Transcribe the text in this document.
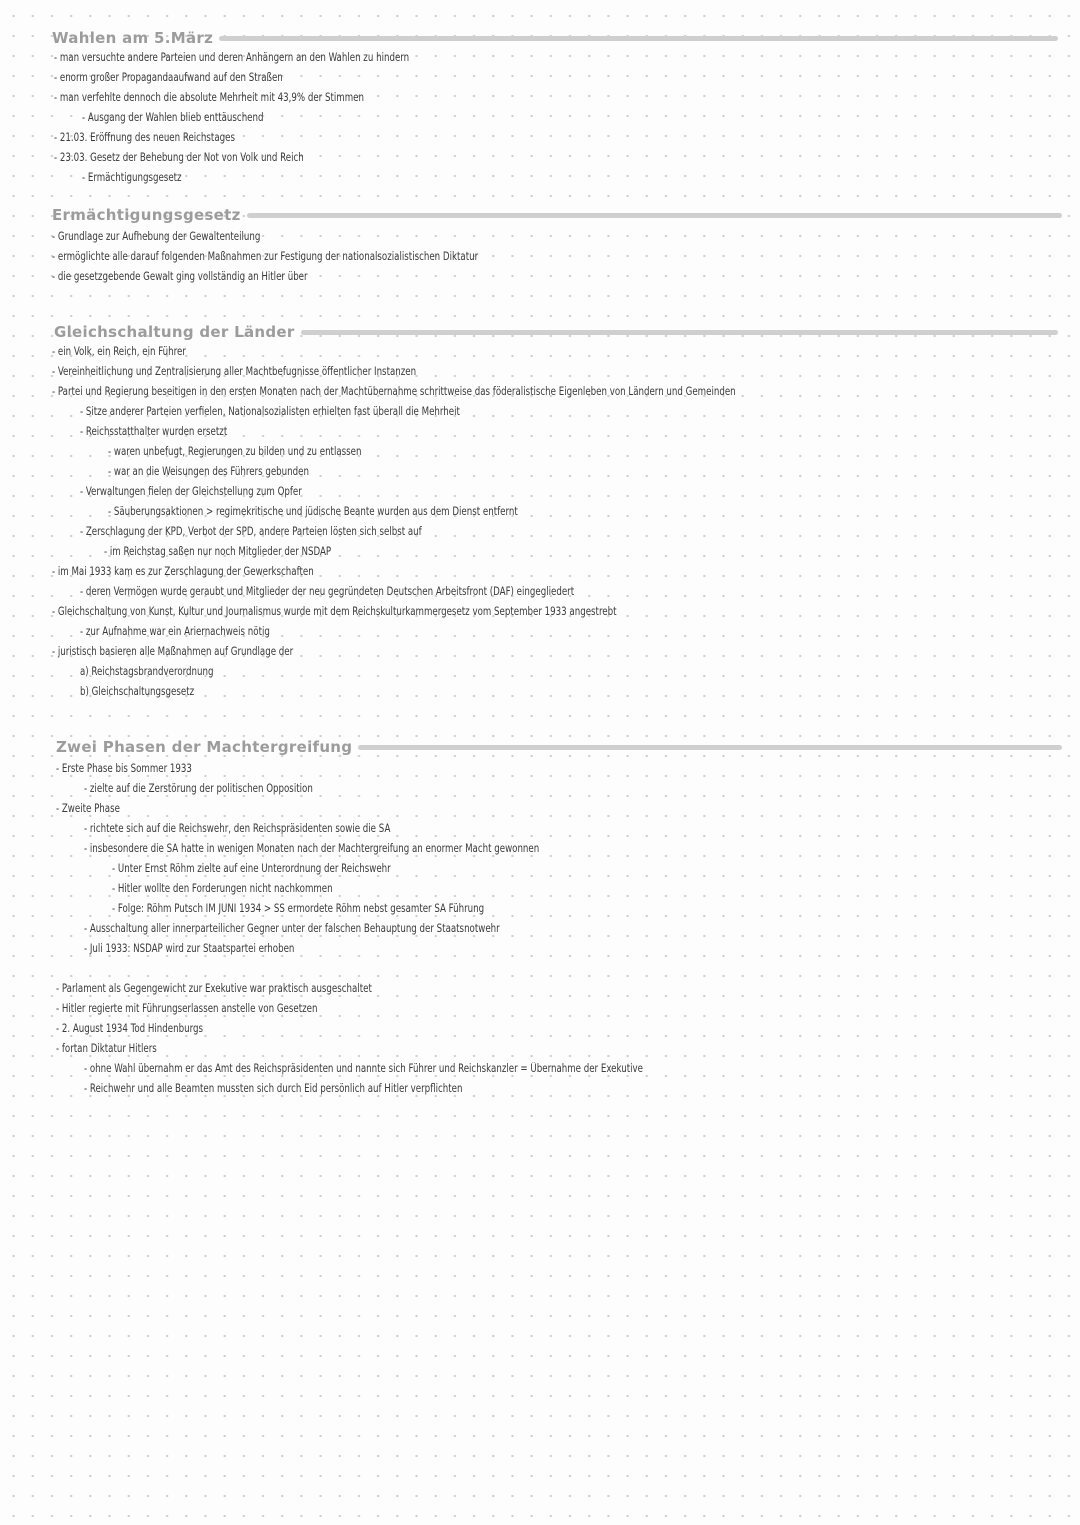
Wahlen am 5.März
- man versuchte andere Parteien und deren Anhängern an den Wahlen zu hindern
- enorm großer Propagandaaufwand auf den Straßen
- man verfehlte dennoch die absolute Mehrheit mit 43,9% der Stimmen
- Ausgang der Wahlen blieb enttäuschend
- 21.03. Eröffnung des neuen Reichstages
- 23.03. Gesetz der Behebung der Not von Volk und Reich
- Ermächtigungsgesetz
Ermächtigungsgesetz
- Grundlage zur Aufhebung der Gewaltenteilung
- ermöglichte alle darauf folgenden Maßnahmen zur Festigung der nationalsozialistischen Diktatur
- die gesetzgebende Gewalt ging vollständig an Hitler über
Gleichschaltung der Länder
- ein Volk, ein Reich, ein Führer
- Vereinheitlichung und Zentralisierung aller Machtbefugnisse öffentlicher Instanzen
- Partei und Regierung beseitigen in den ersten Monaten nach der Machtübernahme schrittweise das föderalistische Eigenleben von Ländern und Gemeinden
- Sitze anderer Parteien verfielen, Nationalsozialisten erhielten fast überall die Mehrheit
- Reichsstatthalter wurden ersetzt
- waren unbefugt, Regierungen zu bilden und zu entlassen
- war an die Weisungen des Führers gebunden
- Verwaltungen fielen der Gleichstellung zum Opfer
- Säuberungsaktionen > regimekritische und jüdische Beante wurden aus dem Dienst entfernt
- Zerschlagung der KPD, Verbot der SPD, andere Parteien lösten sich selbst auf
- im Reichstag saßen nur noch Mitglieder der NSDAP
- im Mai 1933 kam es zur Zerschlagung der Gewerkschaften
- deren Vermögen wurde geraubt und Mitglieder der neu gegründeten Deutschen Arbeitsfront (DAF) eingegliedert
- Gleichschaltung von Kunst, Kultur und Journalismus wurde mit dem Reichskulturkammergesetz vom September 1933 angestrebt
- zur Aufnahme war ein Ariernachweis nötig
- juristisch basieren alle Maßnahmen auf Grundlage der
a) Reichstagsbrandverordnung
b) Gleichschaltungsgesetz
Zwei Phasen der Machtergreifung
- Erste Phase bis Sommer 1933
- zielte auf die Zerstörung der politischen Opposition
- Zweite Phase
- richtete sich auf die Reichswehr, den Reichspräsidenten sowie die SA
- insbesondere die SA hatte in wenigen Monaten nach der Machtergreifung an enormer Macht gewonnen
- Unter Ernst Röhm zielte auf eine Unterordnung der Reichswehr
- Hitler wollte den Forderungen nicht nachkommen
- Folge: Röhm Putsch IM JUNI 1934 > SS ermordete Röhm nebst gesamter SA Führung
- Ausschaltung aller innerparteilicher Gegner unter der falschen Behauptung der Staatsnotwehr
- Juli 1933: NSDAP wird zur Staatspartei erhoben
- Parlament als Gegengewicht zur Exekutive war praktisch ausgeschaltet
- Hitler regierte mit Führungserlassen anstelle von Gesetzen
- 2. August 1934 Tod Hindenburgs
- fortan Diktatur Hitlers
- ohne Wahl übernahm er das Amt des Reichspräsidenten und nannte sich Führer und Reichskanzler = Übernahme der Exekutive
- Reichwehr und alle Beamten mussten sich durch Eid persönlich auf Hitler verpflichten
